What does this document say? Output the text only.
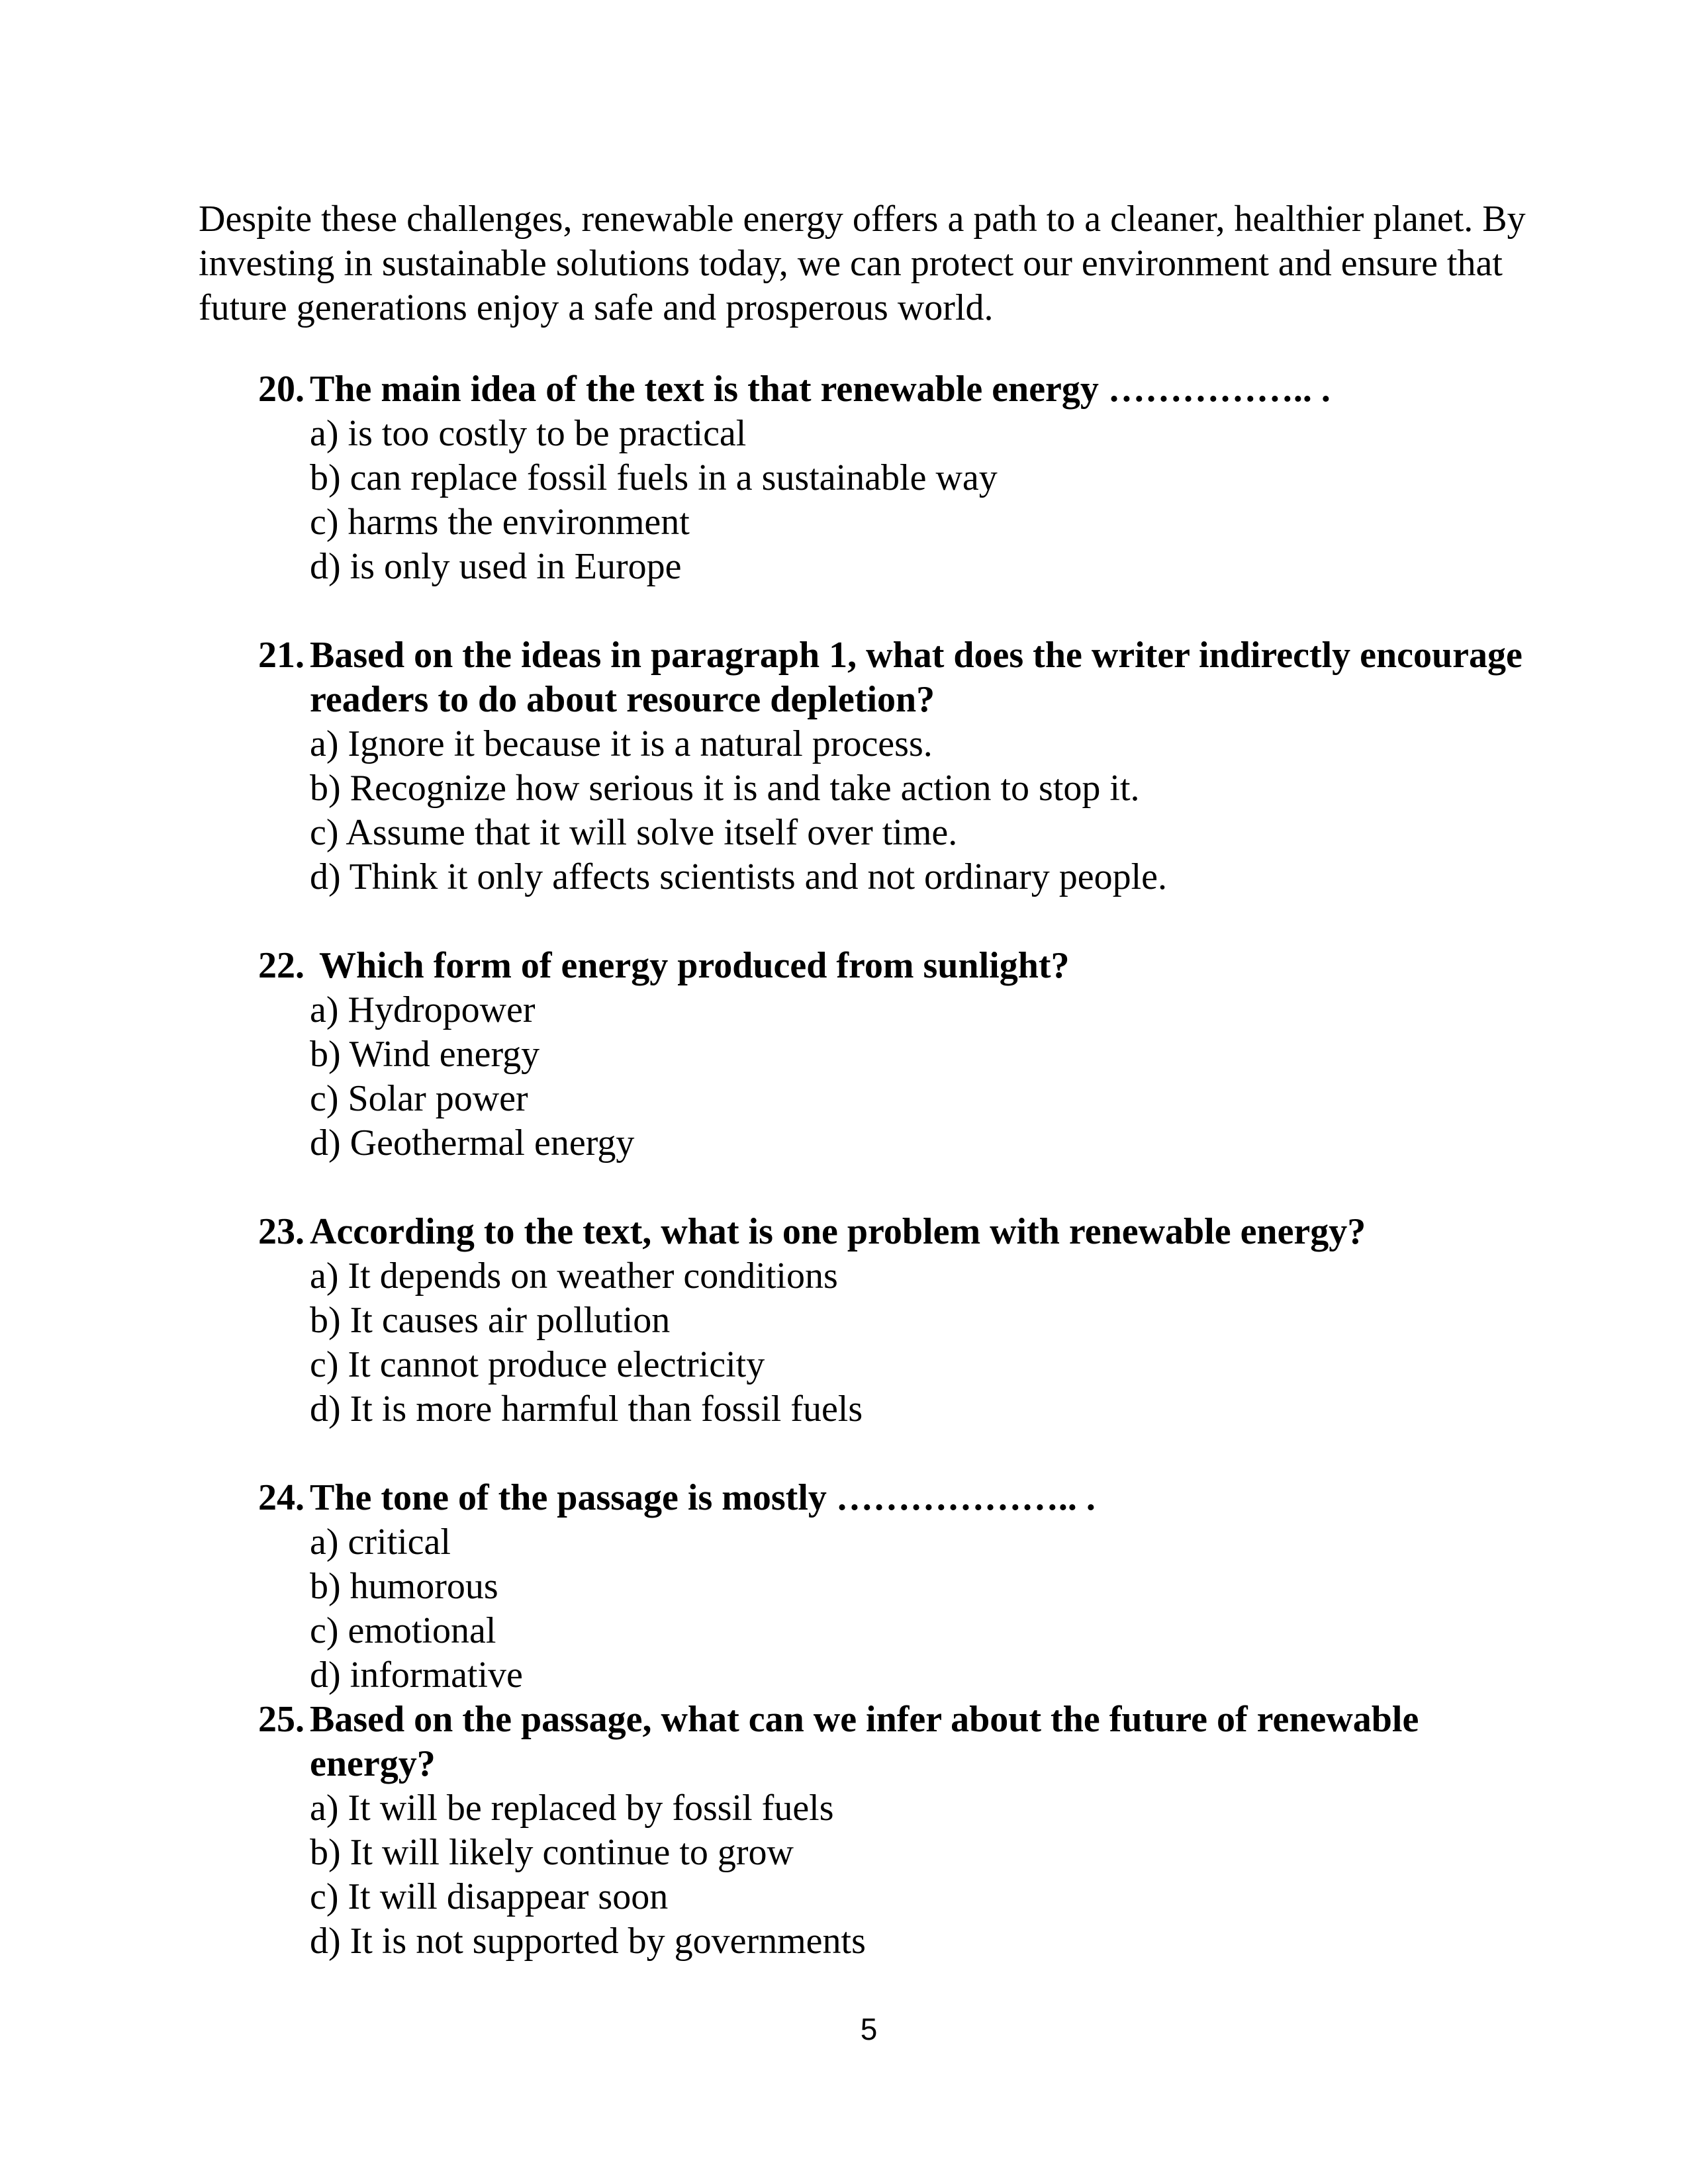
Despite these challenges, renewable energy offers a path to a cleaner, healthier planet. By investing in sustainable solutions today, we can protect our environment and ensure that future generations enjoy a safe and prosperous world.

20. The main idea of the text is that renewable energy …………….. .
a) is too costly to be practical
b) can replace fossil fuels in a sustainable way
c) harms the environment
d) is only used in Europe
21. Based on the ideas in paragraph 1, what does the writer indirectly encourage readers to do about resource depletion?
a) Ignore it because it is a natural process.
b) Recognize how serious it is and take action to stop it.
c) Assume that it will solve itself over time.
d) Think it only affects scientists and not ordinary people.
22. Which form of energy produced from sunlight?
a) Hydropower
b) Wind energy
c) Solar power
d) Geothermal energy
23. According to the text, what is one problem with renewable energy?
a) It depends on weather conditions
b) It causes air pollution
c) It cannot produce electricity
d) It is more harmful than fossil fuels
24. The tone of the passage is mostly ……………….. .
a) critical
b) humorous
c) emotional
d) informative
25. Based on the passage, what can we infer about the future of renewable energy?
a) It will be replaced by fossil fuels
b) It will likely continue to grow
c) It will disappear soon
d) It is not supported by governments
5
